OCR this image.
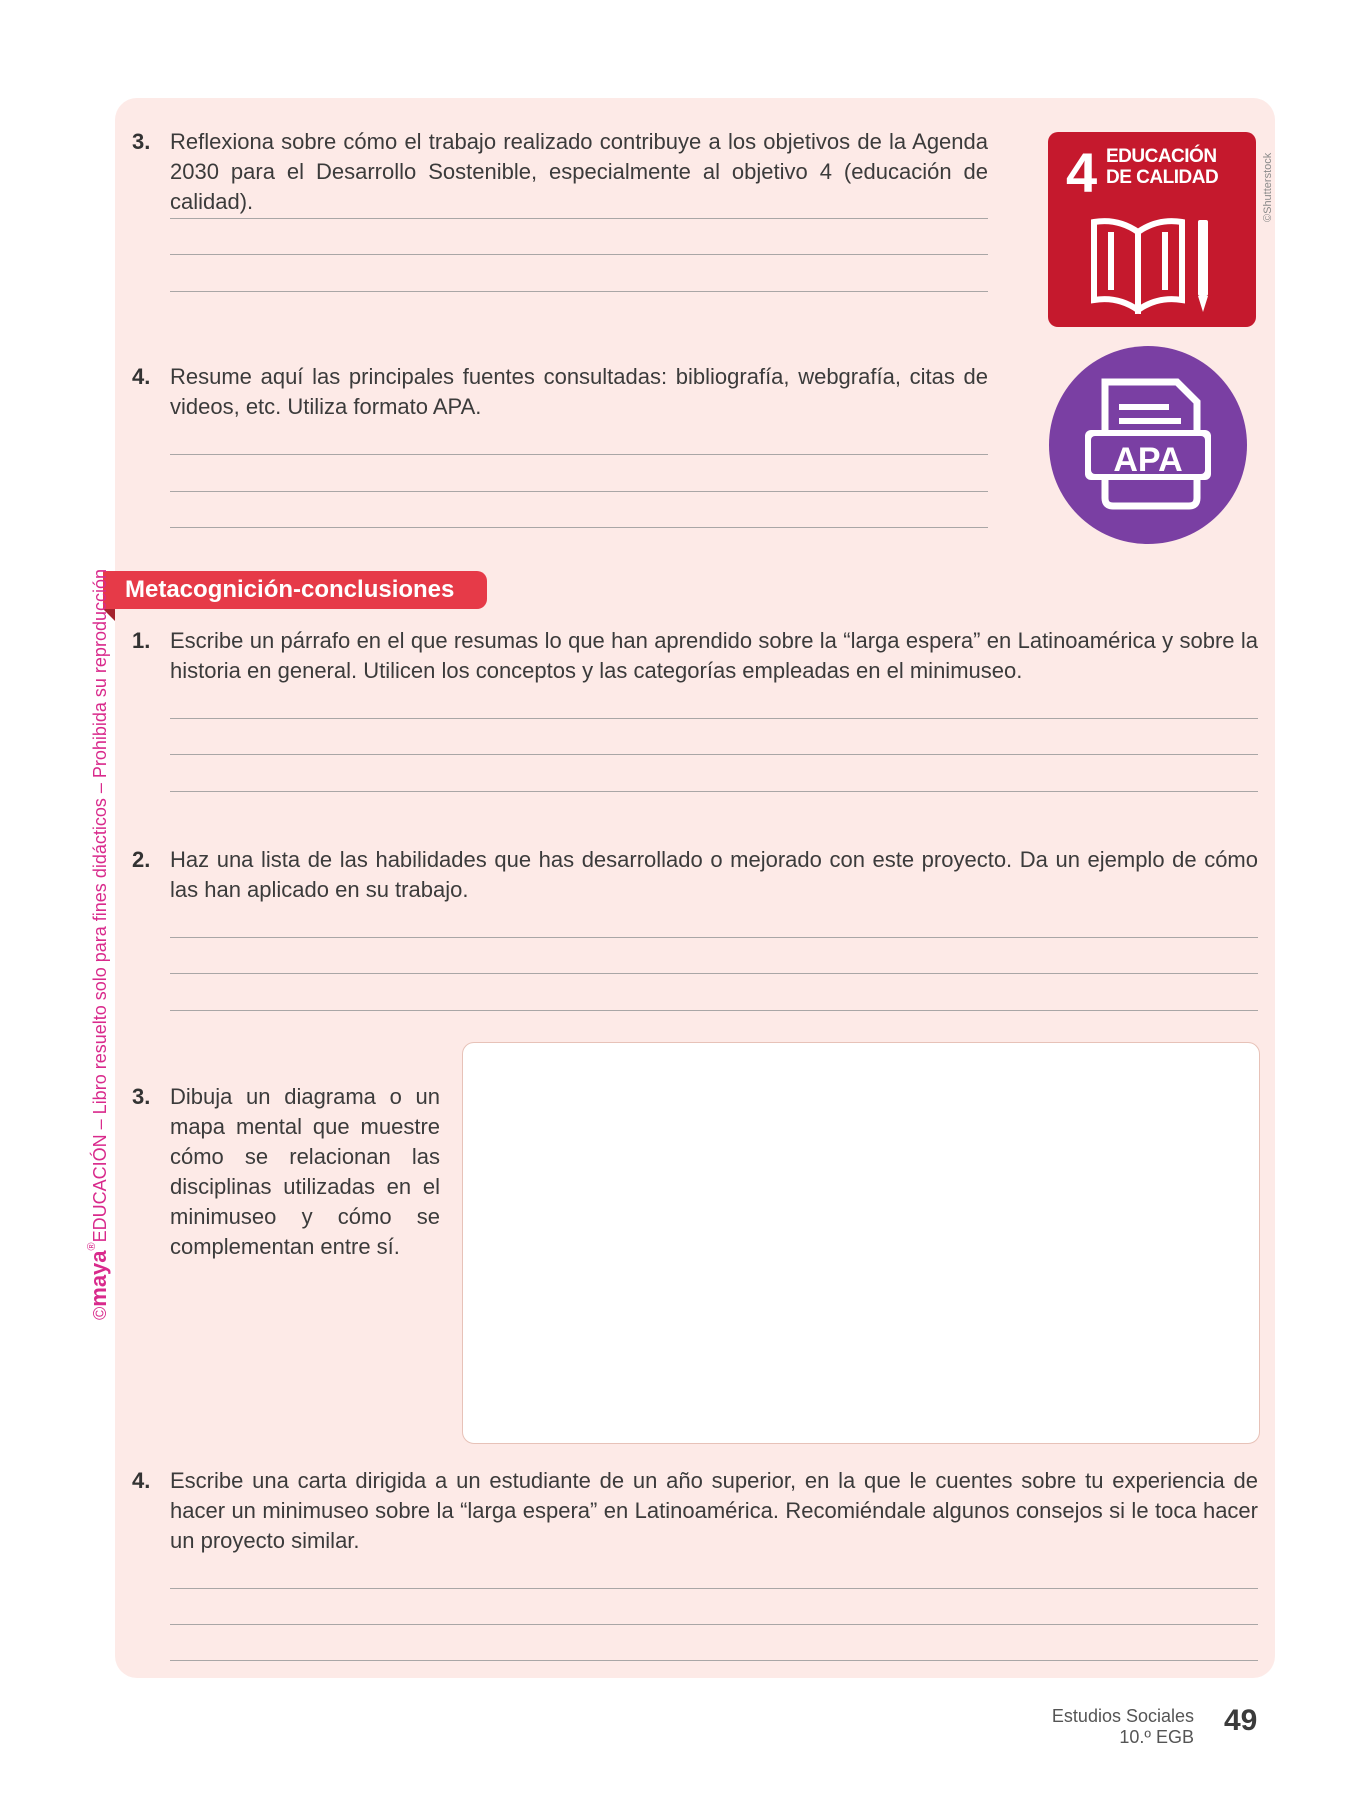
3. Reflexiona sobre cómo el trabajo realizado contribuye a los objetivos de la Agenda 2030 para el Desarrollo Sostenible, especialmente al objetivo 4 (educación de calidad).	4 EDUCACIÓN
DE CALIDAD	©Shutterstock
4. Resume aquí las principales fuentes consultadas: bibliografía, webgrafía, citas de videos, etc. Utiliza formato APA.
APA
Metacognición-conclusiones
1. Escribe un párrafo en el que resumas lo que han aprendido sobre la “larga espera” en Latinoamérica y sobre la historia en general. Utilicen los conceptos y las categorías empleadas en el minimuseo.
2. Haz una lista de las habilidades que has desarrollado o mejorado con este proyecto. Da un ejemplo de cómo las han aplicado en su trabajo.
3. Dibuja un diagrama o un mapa mental que muestre cómo se relacionan las disciplinas utilizadas en el minimuseo y cómo se complementan entre sí.
4. Escribe una carta dirigida a un estudiante de un año superior, en la que le cuentes sobre tu experiencia de hacer un minimuseo sobre la “larga espera” en Latinoamérica. Recomiéndale algunos consejos si le toca hacer un proyecto similar.
©maya®EDUCACIÓN – Libro resuelto solo para fines didácticos – Prohibida su reproducción
Estudios Sociales
10.º EGB 49
